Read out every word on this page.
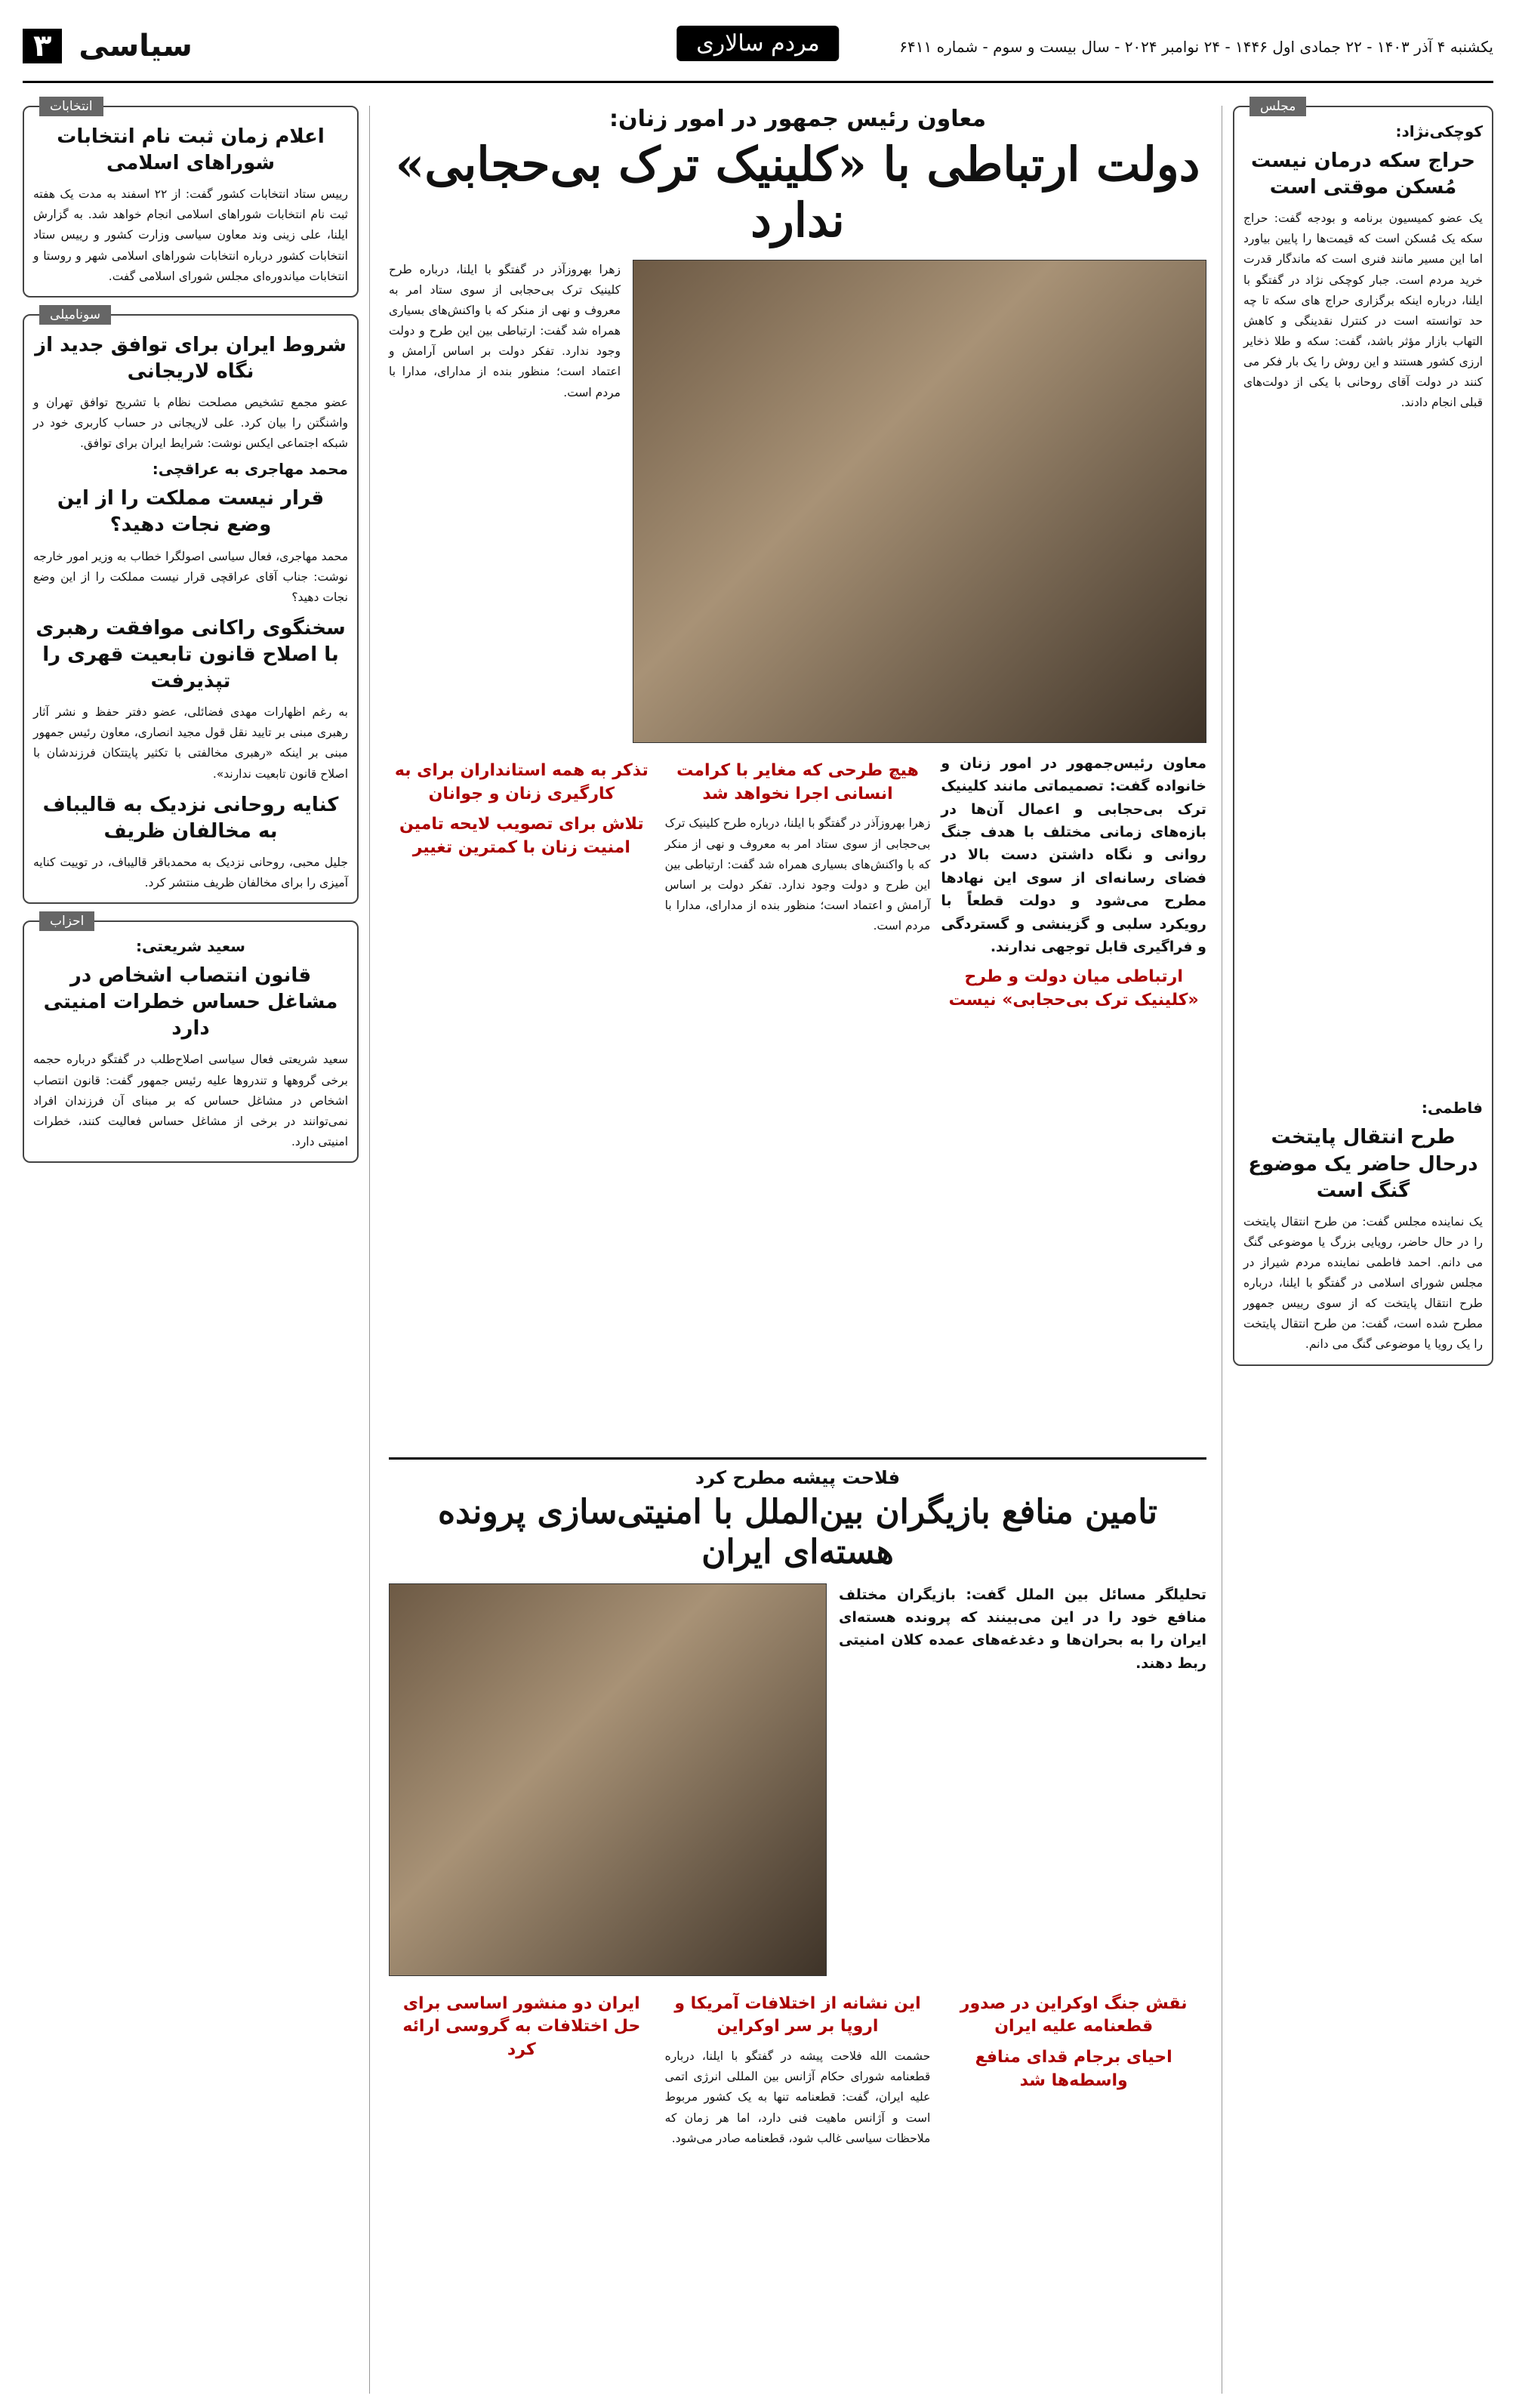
یکشنبه ۴ آذر ۱۴۰۳ - ۲۲ جمادی اول ۱۴۴۶ - ۲۴ نوامبر ۲۰۲۴ - سال بیست و سوم - شماره ۶۴۱۱
مردم سالاری
سیاسی ۳
مجلس
کوچکی‌نژاد:
حراج سکه درمان نیست مُسکن موقتی است
یک عضو کمیسیون برنامه و بودجه گفت: حراج سکه یک مُسکن است که قیمت‌ها را پایین بیاورد اما این مسیر مانند فنری است که ماندگار قدرت خرید مردم است. جبار کوچکی نژاد در گفتگو با ایلنا، درباره اینکه برگزاری حراج های سکه تا چه حد توانسته است در کنترل نقدینگی و کاهش التهاب بازار مؤثر باشد، گفت: سکه و طلا ذخایر ارزی کشور هستند و این روش را یک بار فکر می کنند در دولت آقای روحانی با یکی از دولت‌های قبلی انجام دادند.
فاطمی:
طرح انتقال پایتخت درحال حاضر یک موضوع گنگ است
یک نماینده مجلس گفت: من طرح انتقال پایتخت را در حال حاضر، رویایی بزرگ یا موضوعی گنگ می دانم. احمد فاطمی نماینده مردم شیراز در مجلس شورای اسلامی در گفتگو با ایلنا، درباره طرح انتقال پایتخت که از سوی رییس جمهور مطرح شده است، گفت: من طرح انتقال پایتخت را یک رویا یا موضوعی گنگ می دانم.
معاون رئیس جمهور در امور زنان:
دولت ارتباطی با «کلینیک ترک بی‌حجابی» ندارد
زهرا بهروزآذر در گفتگو با ایلنا، درباره طرح کلینیک ترک بی‌حجابی از سوی ستاد امر به معروف و نهی از منکر که با واکنش‌های بسیاری همراه شد گفت: ارتباطی بین این طرح و دولت وجود ندارد. تفکر دولت بر اساس آرامش و اعتماد است؛ منظور بنده از مدارای، مدارا با مردم است.
معاون رئیس‌جمهور در امور زنان و خانواده گفت: تصمیماتی مانند کلینیک ترک بی‌حجابی و اعمال آن‌ها در بازه‌های زمانی مختلف با هدف جنگ روانی و نگاه داشتن دست بالا در فضای رسانه‌ای از سوی این نهادها مطرح می‌شود و دولت قطعاً با رویکرد سلبی و گزینشی و گستردگی و فراگیری قابل توجهی ندارند.
ارتباطی میان دولت و طرح «کلینیک ترک بی‌حجابی» نیست
هیچ طرحی که مغایر با کرامت انسانی اجرا نخواهد شد
زهرا بهروزآذر در گفتگو با ایلنا، درباره طرح کلینیک ترک بی‌حجابی از سوی ستاد امر به معروف و نهی از منکر که با واکنش‌های بسیاری همراه شد گفت: ارتباطی بین این طرح و دولت وجود ندارد. تفکر دولت بر اساس آرامش و اعتماد است؛ منظور بنده از مدارای، مدارا با مردم است.
تذکر به همه استانداران برای به کارگیری زنان و جوانان
تلاش برای تصویب لایحه تامین امنیت زنان با کمترین تغییر
فلاحت پیشه مطرح کرد
تامین منافع بازیگران بین‌الملل با امنیتی‌سازی پرونده هسته‌ای ایران
تحلیلگر مسائل بین الملل گفت: بازیگران مختلف منافع خود را در این می‌بینند که پرونده هسته‌ای ایران را به بحران‌ها و دغدغه‌های عمده کلان امنیتی ربط دهند.
نقش جنگ اوکراین در صدور قطعنامه علیه ایران
احیای برجام قدای منافع واسطه‌ها شد
این نشانه از اختلافات آمریکا و اروپا بر سر اوکراین
حشمت الله فلاحت پیشه در گفتگو با ایلنا، درباره قطعنامه شورای حکام آژانس بین المللی انرژی اتمی علیه ایران، گفت: قطعنامه تنها به یک کشور مربوط است و آژانس ماهیت فنی دارد، اما هر زمان که ملاحظات سیاسی غالب شود، قطعنامه صادر می‌شود.
ایران دو منشور اساسی برای حل اختلافات به گروسی ارائه کرد
انتخابات
اعلام زمان ثبت نام انتخابات شوراهای اسلامی
رییس ستاد انتخابات کشور گفت: از ۲۲ اسفند به مدت یک هفته ثبت نام انتخابات شوراهای اسلامی انجام خواهد شد. به گزارش ایلنا، علی زینی وند معاون سیاسی وزارت کشور و رییس ستاد انتخابات کشور درباره انتخابات شوراهای اسلامی شهر و روستا و انتخابات میاندوره‌ای مجلس شورای اسلامی گفت.
سونامیلی
شروط ایران برای توافق جدید از نگاه لاریجانی
عضو مجمع تشخیص مصلحت نظام با تشریح توافق تهران و واشنگتن را بیان کرد. علی لاریجانی در حساب کاربری خود در شبکه اجتماعی ایکس نوشت: شرایط ایران برای توافق.
محمد مهاجری به عراقچی:
قرار نیست مملکت را از این وضع نجات دهید؟
محمد مهاجری، فعال سیاسی اصولگرا خطاب به وزیر امور خارجه نوشت: جناب آقای عراقچی قرار نیست مملکت را از این وضع نجات دهید؟
سخنگوی راکانی موافقت رهبری با اصلاح قانون تابعیت قهری را تپذیرفت
به رغم اظهارات مهدی فضائلی، عضو دفتر حفظ و نشر آثار رهبری مبنی بر تایید نقل قول مجید انصاری، معاون رئیس جمهور مبنی بر اینکه «رهبری مخالفتی با تکثیر پایتتکان فرزندشان با اصلاح قانون تابعیت ندارند».
کنایه روحانی نزدیک به قالیباف به مخالفان ظریف
جلیل محبی، روحانی نزدیک به محمدباقر قالیباف، در توییت کنایه آمیزی را برای مخالفان ظریف منتشر کرد.
احزاب
سعید شریعتی:
قانون انتصاب اشخاص در مشاغل حساس خطرات امنیتی دارد
سعید شریعتی فعال سیاسی اصلاح‌طلب در گفتگو درباره حجمه برخی گروهها و تندروها علیه رئیس جمهور گفت: قانون انتصاب اشخاص در مشاغل حساس که بر مبنای آن فرزندان افراد نمی‌توانند در برخی از مشاغل حساس فعالیت کنند، خطرات امنیتی دارد.
